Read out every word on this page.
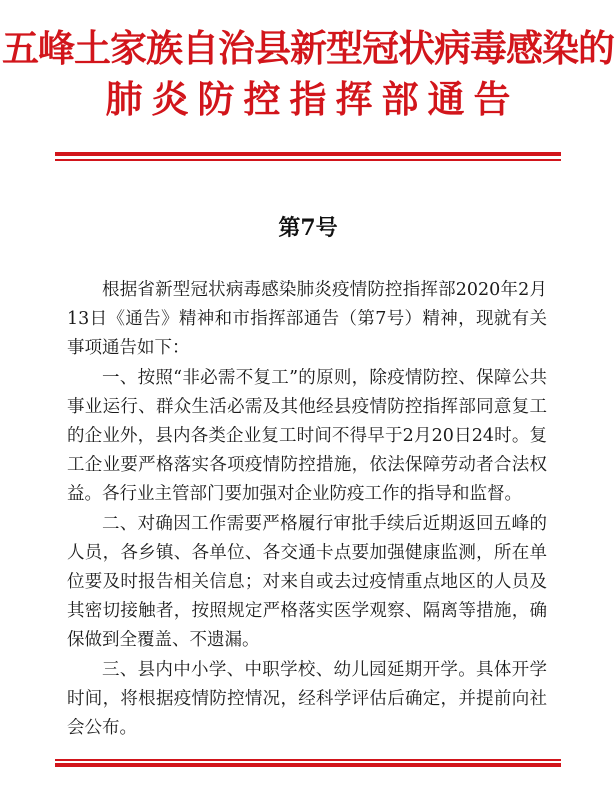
五峰土家族自治县新型冠状病毒感染的
肺炎防控指挥部通告
第7号

根据省新型冠状病毒感染肺炎疫情防控指挥部2020年2月13日《通告》精神和市指挥部通告（第7号）精神，现就有关事项通告如下：

一、按照“非必需不复工”的原则，除疫情防控、保障公共事业运行、群众生活必需及其他经县疫情防控指挥部同意复工的企业外，县内各类企业复工时间不得早于2月20日24时。复工企业要严格落实各项疫情防控措施，依法保障劳动者合法权益。各行业主管部门要加强对企业防疫工作的指导和监督。

二、对确因工作需要严格履行审批手续后近期返回五峰的人员，各乡镇、各单位、各交通卡点要加强健康监测，所在单位要及时报告相关信息；对来自或去过疫情重点地区的人员及其密切接触者，按照规定严格落实医学观察、隔离等措施，确保做到全覆盖、不遗漏。

三、县内中小学、中职学校、幼儿园延期开学。具体开学时间，将根据疫情防控情况，经科学评估后确定，并提前向社会公布。
